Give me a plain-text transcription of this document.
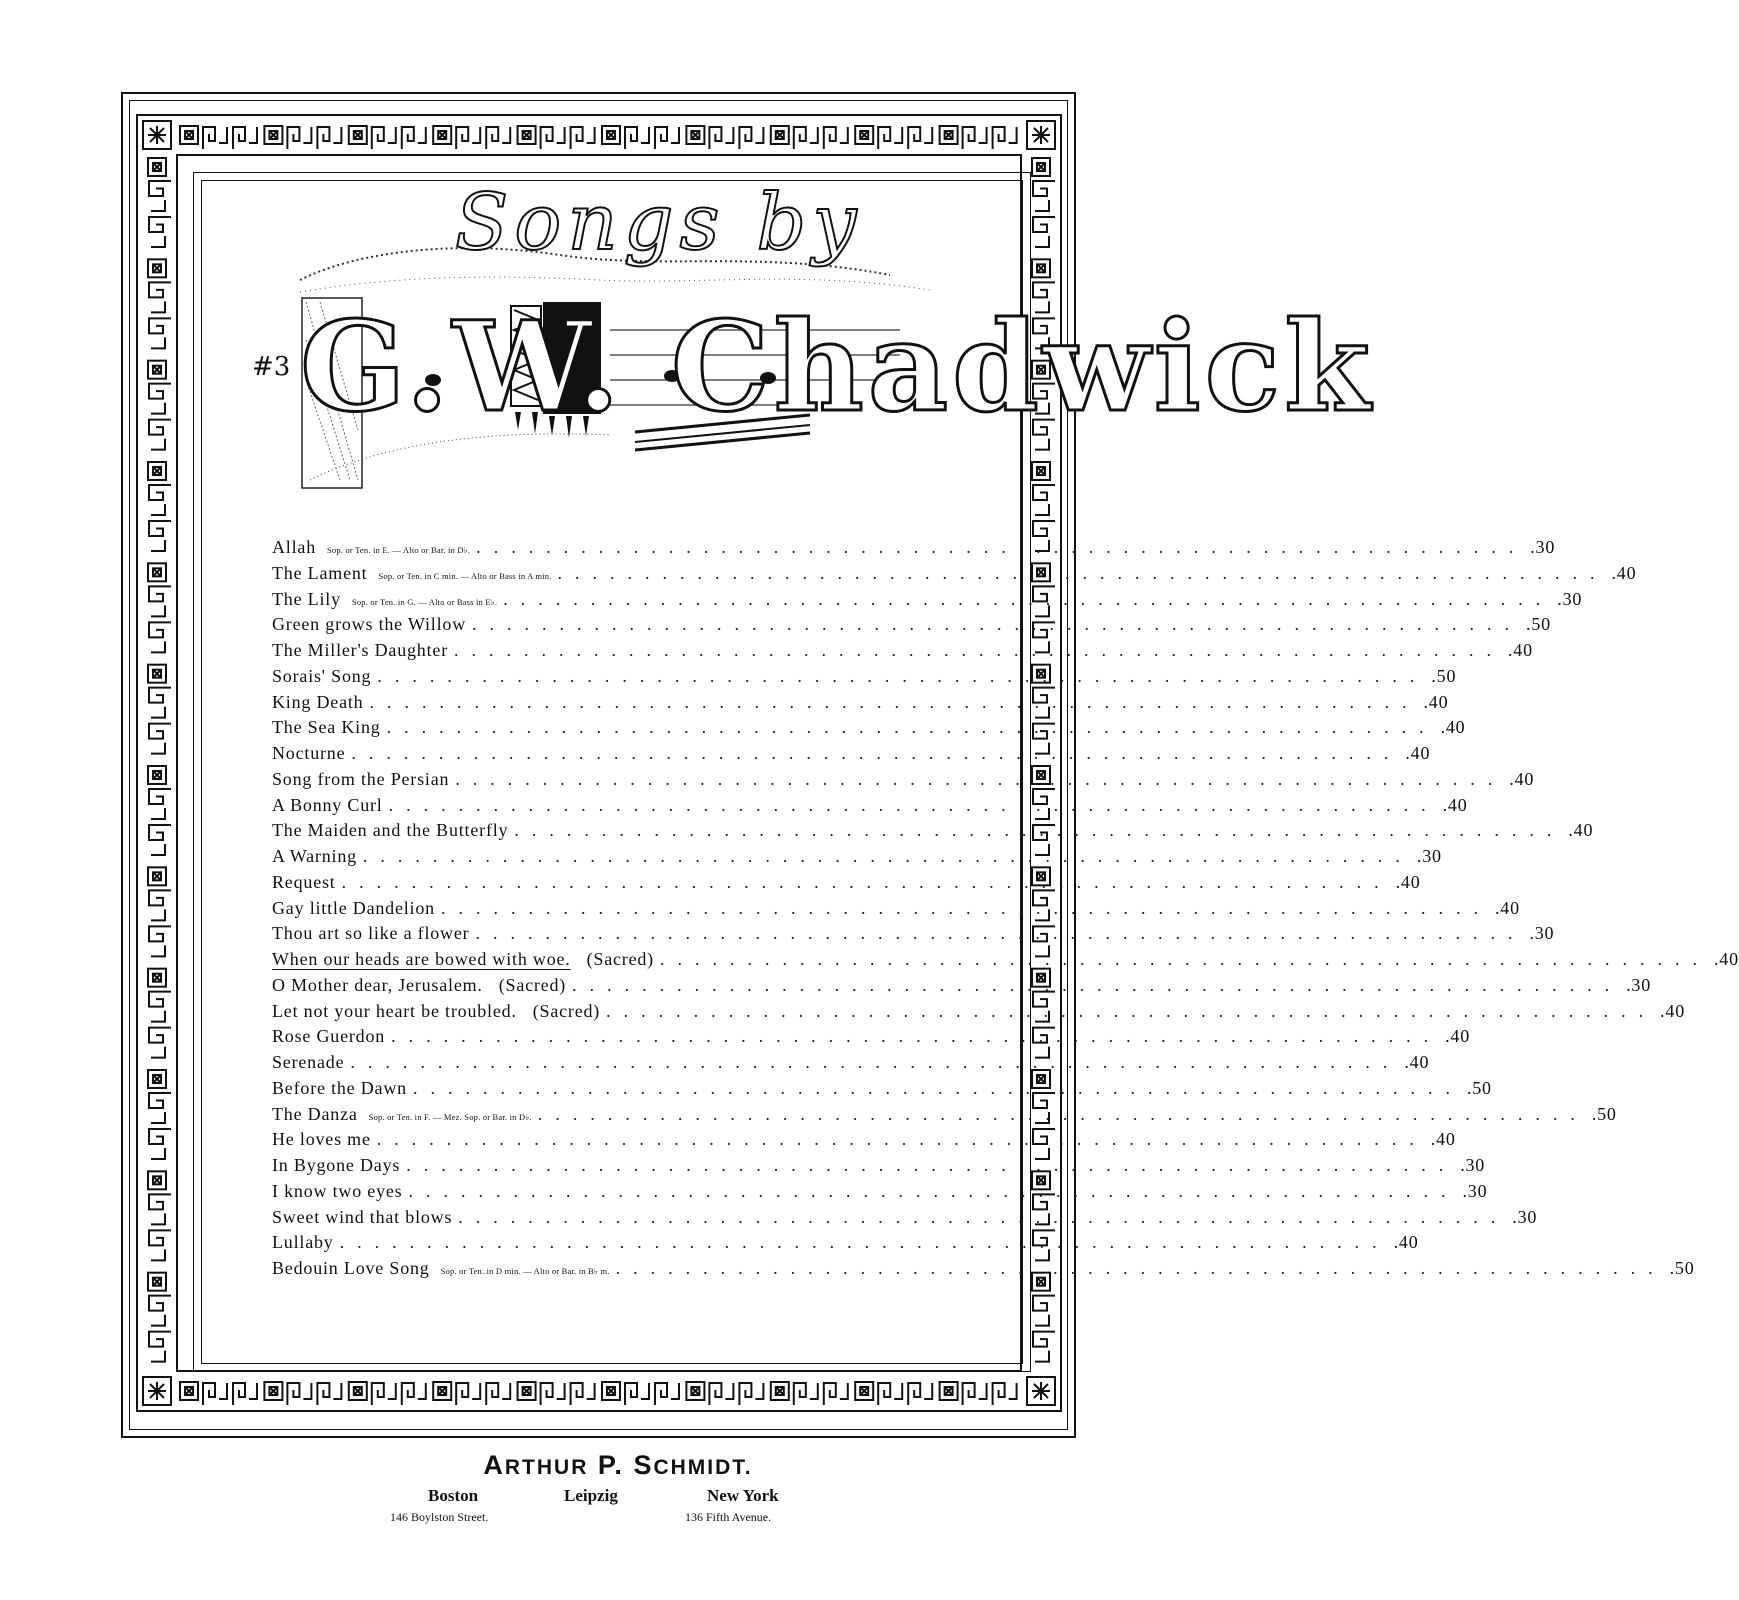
Songs by
G.W. Chadwick
#3
Allah	Sop. or Ten. in E. — Alto or Bar. in D♭. ............................................................ .30
The Lament	Sop. or Ten. in C min. — Alto or Bass in A min. ............................................................ .40
The Lily	Sop. or Ten. in G. — Alto or Bass in E♭. ............................................................ .30
Green grows the Willow ............................................................ .50
The Miller's Daughter ............................................................ .40
Sorais' Song ............................................................ .50
King Death ............................................................ .40
The Sea King ............................................................ .40
Nocturne ............................................................ .40
Song from the Persian ............................................................ .40
A Bonny Curl ............................................................ .40
The Maiden and the Butterfly ............................................................ .40
A Warning ............................................................ .30
Request ............................................................ .40
Gay little Dandelion ............................................................ .40
Thou art so like a flower ............................................................ .30
When our heads are bowed with woe. (Sacred) ............................................................ .40
O Mother dear, Jerusalem. (Sacred) ............................................................ .30
Let not your heart be troubled. (Sacred) ............................................................ .40
Rose Guerdon ............................................................ .40
Serenade ............................................................ .40
Before the Dawn ............................................................ .50
The Danza	Sop. or Ten. in F. — Mez. Sop. or Bar. in D♭. ............................................................ .50
He loves me ............................................................ .40
In Bygone Days ............................................................ .30
I know two eyes ............................................................ .30
Sweet wind that blows ............................................................ .30
Lullaby ............................................................ .40
Bedouin Love Song	Sop. or Ten. in D min. — Alto or Bar. in B♭ m. ............................................................ .50
ARTHUR P. SCHMIDT.
Boston	Leipzig	New York
146 Boylston Street.	136 Fifth Avenue.
